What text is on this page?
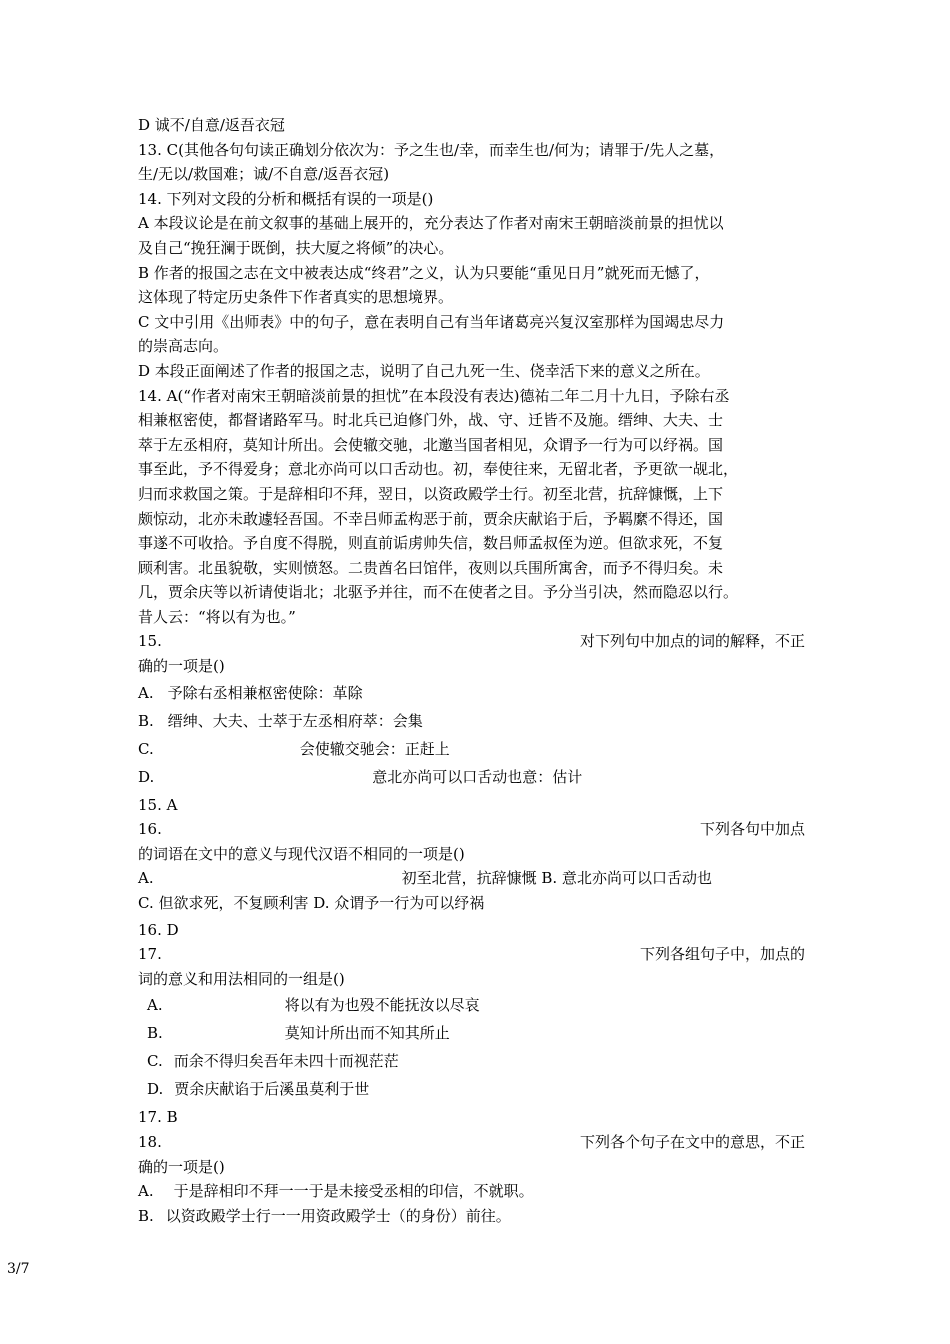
D 诚不/自意/返吾衣冠
13. C(其他各句句读正确划分依次为：予之生也/幸，而幸生也/何为；请罪于/先人之墓，
生/无以/救国难；诚/不自意/返吾衣冠)
14. 下列对文段的分析和概括有误的一项是()
A 本段议论是在前文叙事的基础上展开的，充分表达了作者对南宋王朝暗淡前景的担忧以
及自己“挽狂澜于既倒，扶大厦之将倾”的决心。
B 作者的报国之志在文中被表达成“终君”之义，认为只要能“重见日月”就死而无憾了，
这体现了特定历史条件下作者真实的思想境界。
C 文中引用《出师表》中的句子，意在表明自己有当年诸葛亮兴复汉室那样为国竭忠尽力
的崇高志向。
D 本段正面阐述了作者的报国之志，说明了自己九死一生、侥幸活下来的意义之所在。
14. A(“作者对南宋王朝暗淡前景的担忧”在本段没有表达)德祐二年二月十九日，予除右丞
相兼枢密使，都督诸路军马。时北兵已迫修门外，战、守、迁皆不及施。缙绅、大夫、士
萃于左丞相府，莫知计所出。会使辙交驰，北邀当国者相见，众谓予一行为可以纾祸。国
事至此，予不得爱身；意北亦尚可以口舌动也。初，奉使往来，无留北者，予更欲一觇北，
归而求救国之策。于是辞相印不拜，翌日，以资政殿学士行。初至北营，抗辞慷慨，上下
颇惊动，北亦未敢遽轻吾国。不幸吕师孟构恶于前，贾余庆献谄于后，予羁縻不得还，国
事遂不可收拾。予自度不得脱，则直前诟虏帅失信，数吕师孟叔侄为逆。但欲求死，不复
顾利害。北虽貌敬，实则愤怒。二贵酋名曰馆伴，夜则以兵围所寓舍，而予不得归矣。未
几，贾余庆等以祈请使诣北；北驱予并往，而不在使者之目。予分当引决，然而隐忍以行。
昔人云：“将以有为也。”
15.	对下列句中加点的词的解释，不正
确的一项是()
A. 予除右丞相兼枢密使除：革除
B. 缙绅、大夫、士萃于左丞相府萃：会集
C.	会使辙交驰会：正赶上
D.	意北亦尚可以口舌动也意：估计
15. A
16.	下列各句中加点
的词语在文中的意义与现代汉语不相同的一项是()
A.	初至北营，抗辞慷慨 B. 意北亦尚可以口舌动也
C. 但欲求死，不复顾利害 D. 众谓予一行为可以纾祸
16. D
17.	下列各组句子中，加点的
词的意义和用法相同的一组是()
A.	将以有为也殁不能抚汝以尽哀
B.	莫知计所出而不知其所止
C. 而余不得归矣吾年未四十而视茫茫
D. 贾余庆献谄于后溪虽莫利于世
17. B
18.	下列各个句子在文中的意思，不正
确的一项是()
A. 于是辞相印不拜一一于是未接受丞相的印信，不就职。
B. 以资政殿学士行一一用资政殿学士（的身份）前往。
3/7
